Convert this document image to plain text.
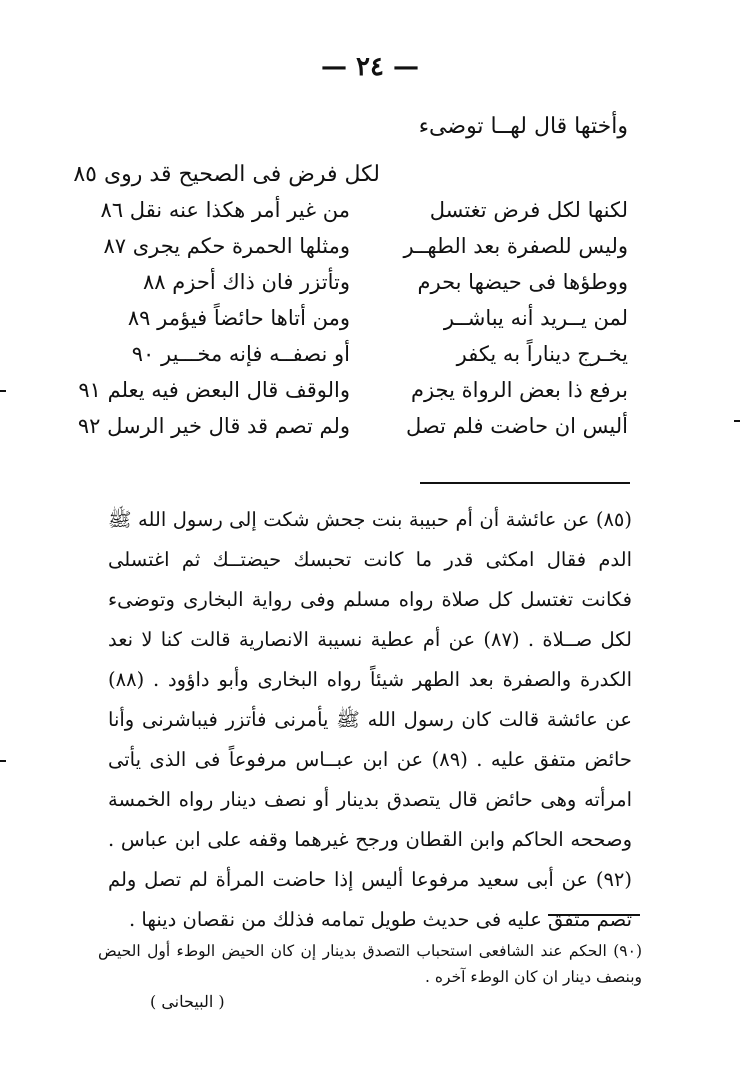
— ٢٤ —
وأختها قال لهــا توضىء
لكل فرض فى الصحيح قد روى ٨٥
لكنها لكل فرض تغتسل
من غير أمر هكذا عنه نقل ٨٦
وليس للصفرة بعد الطهــر
ومثلها الحمرة حكم يجرى ٨٧
ووطؤها فى حيضها بحرم
وتأتزر فان ذاك أحزم ٨٨
لمن يــريد أنه يباشــر
ومن أتاها حائضاً فيؤمر ٨٩
يخـرج ديناراً به يكفر
أو نصفــه فإنه مخـــير ٩٠
برفع ذا بعض الرواة يجزم
والوقف قال البعض فيه يعلم ٩١
أليس ان حاضت فلم تصل
ولم تصم قد قال خير الرسل ٩٢

(٨٥) عن عائشة أن أم حبيبة بنت جحش شكت إلى رسول الله ﷺ الدم فقال امكثى قدر ما كانت تحبسك حيضتــك ثم اغتسلى فكانت تغتسل كل صلاة رواه مسلم وفى رواية البخارى وتوضىء لكل صــلاة . (٨٧) عن أم عطية نسيبة الانصارية قالت كنا لا نعد الكدرة والصفرة بعد الطهر شيئاً رواه البخارى وأبو داؤود . (٨٨) عن عائشة قالت كان رسول الله ﷺ يأمرنى فأتزر فيباشرنى وأنا حائض متفق عليه . (٨٩) عن ابن عبــاس مرفوعاً فى الذى يأتى امرأته وهى حائض قال يتصدق بدينار أو نصف دينار رواه الخمسة وصححه الحاكم وابن القطان ورجح غيرهما وقفه على ابن عباس . (٩٢) عن أبى سعيد مرفوعا أليس إذا حاضت المرأة لم تصل ولم تصم متفق عليه فى حديث طويل تمامه فذلك من نقصان دينها .

(٩٠) الحكم عند الشافعى استحباب التصدق بدينار إن كان الحيض الوطء أول الحيض وبنصف دينار ان كان الوطء آخره .

( البيحانى )
